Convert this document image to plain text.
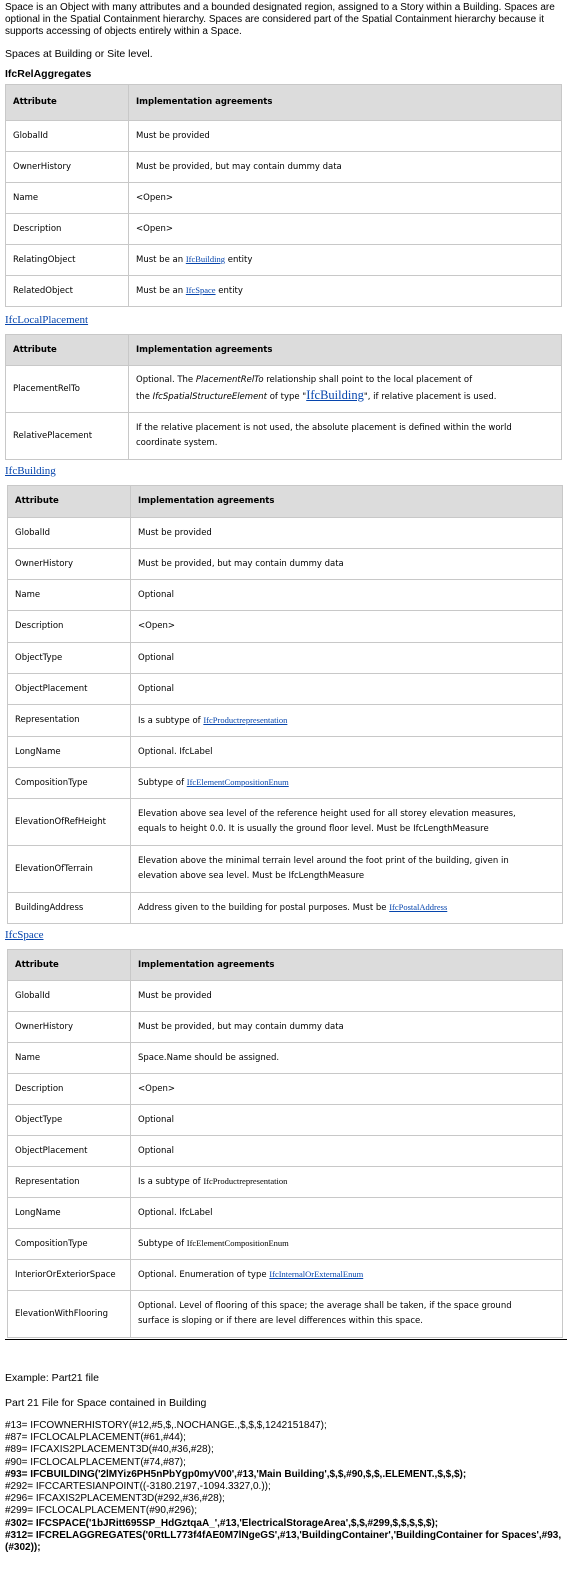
Space is an Object with many attributes and a bounded designated region, assigned to a Story within a Building. Spaces are optional in the Spatial Containment hierarchy. Spaces are considered part of the Spatial Containment hierarchy because it supports accessing of objects entirely within a Space.

Spaces at Building or Site level.

IfcRelAggregates

Attribute	Implementation agreements
GlobalId	Must be provided
OwnerHistory	Must be provided, but may contain dummy data
Name	<Open>
Description	<Open>
RelatingObject	Must be an IfcBuilding entity
RelatedObject	Must be an IfcSpace entity
IfcLocalPlacement
Attribute	Implementation agreements
PlacementRelTo	Optional. The PlacementRelTo relationship shall point to the local placement of
the IfcSpatialStructureElement of type "IfcBuilding", if relative placement is used.

RelativePlacement	If the relative placement is not used, the absolute placement is defined within the world
coordinate system.
IfcBuilding
Attribute	Implementation agreements
GlobalId	Must be provided
OwnerHistory	Must be provided, but may contain dummy data
Name	Optional
Description	<Open>
ObjectType	Optional
ObjectPlacement	Optional
Representation	Is a subtype of IfcProductrepresentation
LongName	Optional. IfcLabel
CompositionType	Subtype of IfcElementCompositionEnum
ElevationOfRefHeight	Elevation above sea level of the reference height used for all storey elevation measures,
equals to height 0.0. It is usually the ground floor level. Must be IfcLengthMeasure

ElevationOfTerrain	Elevation above the minimal terrain level around the foot print of the building, given in
elevation above sea level. Must be IfcLengthMeasure

BuildingAddress	Address given to the building for postal purposes. Must be IfcPostalAddress
IfcSpace
Attribute	Implementation agreements
GlobalId	Must be provided
OwnerHistory	Must be provided, but may contain dummy data
Name	Space.Name should be assigned.
Description	<Open>
ObjectType	Optional
ObjectPlacement	Optional
Representation	Is a subtype of IfcProductrepresentation
LongName	Optional. IfcLabel
CompositionType	Subtype of IfcElementCompositionEnum
InteriorOrExteriorSpace	Optional. Enumeration of type IfcInternalOrExternalEnum
ElevationWithFlooring	Optional. Level of flooring of this space; the average shall be taken, if the space ground
surface is sloping or if there are level differences within this space.

Example: Part21 file

Part 21 File for Space contained in Building

#13= IFCOWNERHISTORY(#12,#5,$,.NOCHANGE.,$,$,$,1242151847);
#87= IFCLOCALPLACEMENT(#61,#44);
#89= IFCAXIS2PLACEMENT3D(#40,#36,#28);
#90= IFCLOCALPLACEMENT(#74,#87);
#93= IFCBUILDING('2lMYiz6PH5nPbYgp0myV00',#13,'Main Building',$,$,#90,$,$,.ELEMENT.,$,$,$);
#292= IFCCARTESIANPOINT((-3180.2197,-1094.3327,0.));
#296= IFCAXIS2PLACEMENT3D(#292,#36,#28);
#299= IFCLOCALPLACEMENT(#90,#296);
#302= IFCSPACE('1bJRitt695SP_HdGztqaA_',#13,'ElectricalStorageArea',$,$,#299,$,$,$,$,$);
#312= IFCRELAGGREGATES('0RtLL773f4fAE0M7lNgeGS',#13,'BuildingContainer','BuildingContainer for Spaces',#93,(#302));
